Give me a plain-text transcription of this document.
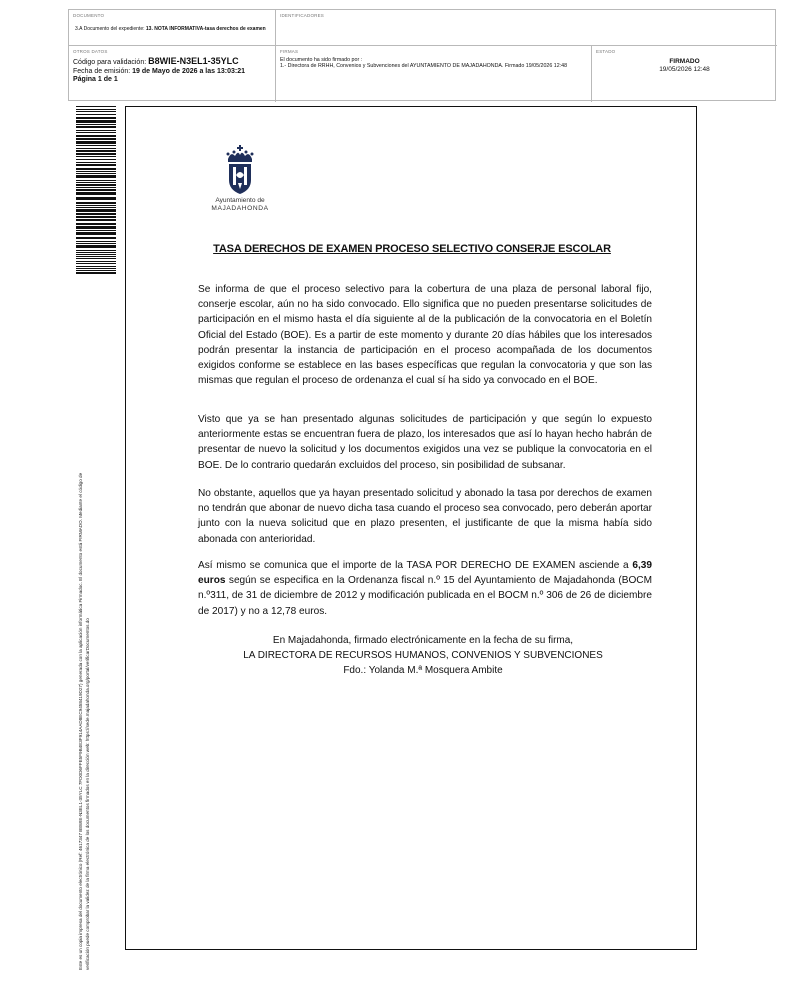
DOCUMENTO
3.A Documento del expediente: 13. NOTA INFORMATIVA-tasa derechos de examen
IDENTIFICADORES
OTROS DATOS
Código para validación: B8WIE-N3EL1-35YLC
Fecha de emisión: 19 de Mayo de 2026 a las 13:03:21
Página 1 de 1
FIRMAS
El documento ha sido firmado por :
1.- Directora de RRHH, Convenios y Subvenciones del AYUNTAMIENTO DE MAJADAHONDA. Firmado 19/05/2026 12:48
ESTADO
FIRMADO
19/05/2026 12:48
Este es un copia impresa del documento electrónico (Ref: 4617347 B8WIE-N3EL1-35YLC 7FD0D6FFE5F9B4E3F914AAD8EC9458419D27) generada con la aplicación informática Firmadoc. El documento está FIRMADO. Mediante el código de verificación puede comprobar la validez de la firma electrónica de los documentos firmados en la dirección web: https://sede.majadahonda.org/portal/verificarDocumentos.do
Ayuntamiento de
MAJADAHONDA
TASA DERECHOS DE EXAMEN PROCESO SELECTIVO CONSERJE ESCOLAR
Se informa de que el proceso selectivo para la cobertura de una plaza de personal laboral fijo, conserje escolar, aún no ha sido convocado. Ello significa que no pueden presentarse solicitudes de participación en el mismo hasta el día siguiente al de la publicación de la convocatoria en el Boletín Oficial del Estado (BOE). Es a partir de este momento y durante 20 días hábiles que los interesados podrán presentar la instancia de participación en el proceso acompañada de los documentos exigidos conforme se establece en las bases específicas que regulan la convocatoria y que son las mismas que regulan el proceso de ordenanza el cual sí ha sido ya convocado en el BOE.
Visto que ya se han presentado algunas solicitudes de participación y que según lo expuesto anteriormente estas se encuentran fuera de plazo, los interesados que así lo hayan hecho habrán de presentar de nuevo la solicitud y los documentos exigidos una vez se publique la convocatoria en el BOE. De lo contrario quedarán excluidos del proceso, sin posibilidad de subsanar.
No obstante, aquellos que ya hayan presentado solicitud y abonado la tasa por derechos de examen no tendrán que abonar de nuevo dicha tasa cuando el proceso sea convocado, pero deberán aportar junto con la nueva solicitud que en plazo presenten, el justificante de que la misma había sido abonada con anterioridad.
Así mismo se comunica que el importe de la TASA POR DERECHO DE EXAMEN asciende a 6,39 euros según se especifica en la Ordenanza fiscal n.º 15 del Ayuntamiento de Majadahonda (BOCM n.º311, de 31 de diciembre de 2012 y modificación publicada en el BOCM n.º 306 de 26 de diciembre de 2017) y no a 12,78 euros.
En Majadahonda, firmado electrónicamente en la fecha de su firma,
LA DIRECTORA DE RECURSOS HUMANOS, CONVENIOS Y SUBVENCIONES
Fdo.: Yolanda M.ª Mosquera Ambite
